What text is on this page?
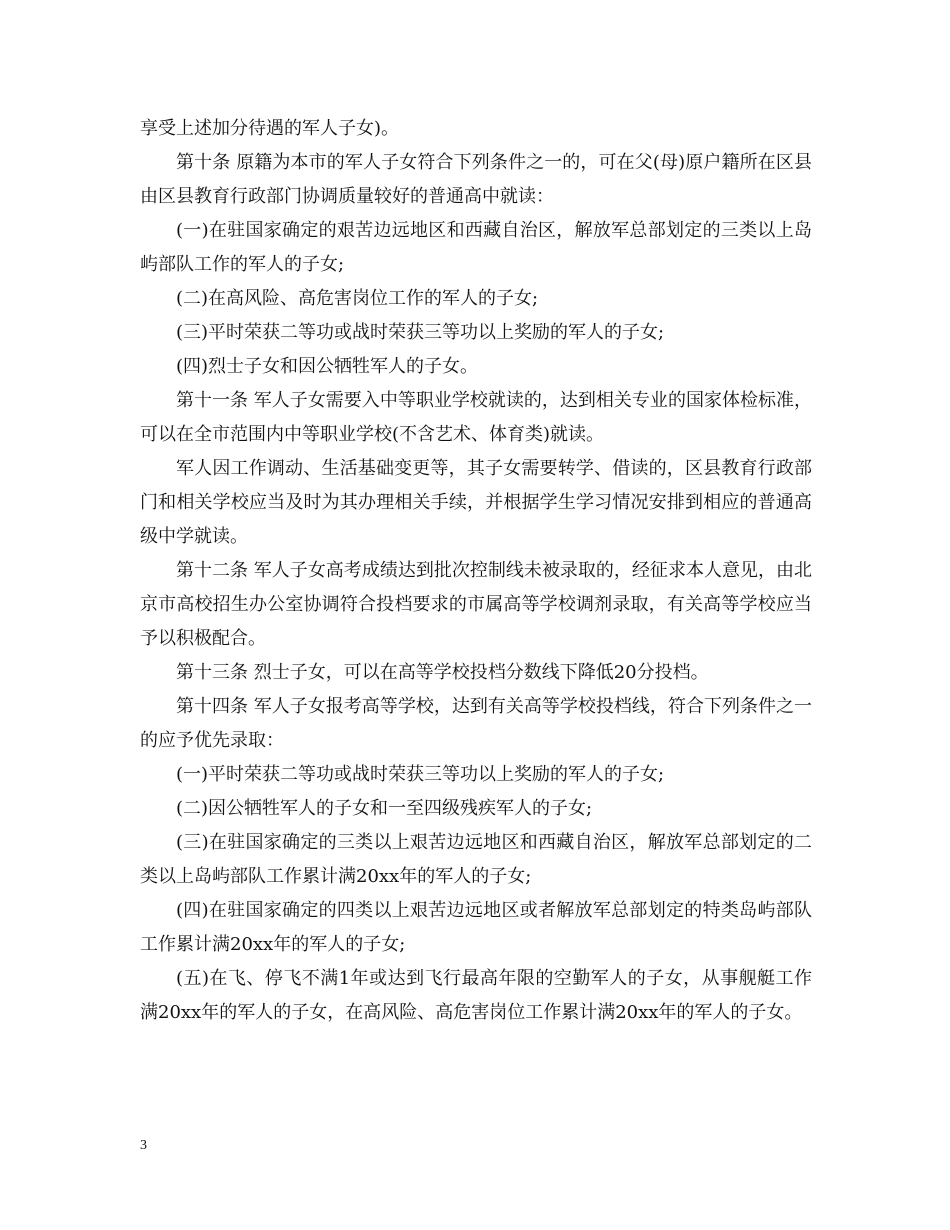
享受上述加分待遇的军人子女)。

第十条 原籍为本市的军人子女符合下列条件之一的，可在父(母)原户籍所在区县由区县教育行政部门协调质量较好的普通高中就读：

(一)在驻国家确定的艰苦边远地区和西藏自治区，解放军总部划定的三类以上岛屿部队工作的军人的子女;

(二)在高风险、高危害岗位工作的军人的子女;

(三)平时荣获二等功或战时荣获三等功以上奖励的军人的子女;

(四)烈士子女和因公牺牲军人的子女。

第十一条 军人子女需要入中等职业学校就读的，达到相关专业的国家体检标准，可以在全市范围内中等职业学校(不含艺术、体育类)就读。

军人因工作调动、生活基础变更等，其子女需要转学、借读的，区县教育行政部门和相关学校应当及时为其办理相关手续，并根据学生学习情况安排到相应的普通高级中学就读。

第十二条 军人子女高考成绩达到批次控制线未被录取的，经征求本人意见，由北京市高校招生办公室协调符合投档要求的市属高等学校调剂录取，有关高等学校应当予以积极配合。

第十三条 烈士子女，可以在高等学校投档分数线下降低20分投档。

第十四条 军人子女报考高等学校，达到有关高等学校投档线，符合下列条件之一的应予优先录取：

(一)平时荣获二等功或战时荣获三等功以上奖励的军人的子女;

(二)因公牺牲军人的子女和一至四级残疾军人的子女;

(三)在驻国家确定的三类以上艰苦边远地区和西藏自治区，解放军总部划定的二类以上岛屿部队工作累计满20xx年的军人的子女;

(四)在驻国家确定的四类以上艰苦边远地区或者解放军总部划定的特类岛屿部队工作累计满20xx年的军人的子女;

(五)在飞、停飞不满1年或达到飞行最高年限的空勤军人的子女，从事舰艇工作满20xx年的军人的子女，在高风险、高危害岗位工作累计满20xx年的军人的子女。

3
